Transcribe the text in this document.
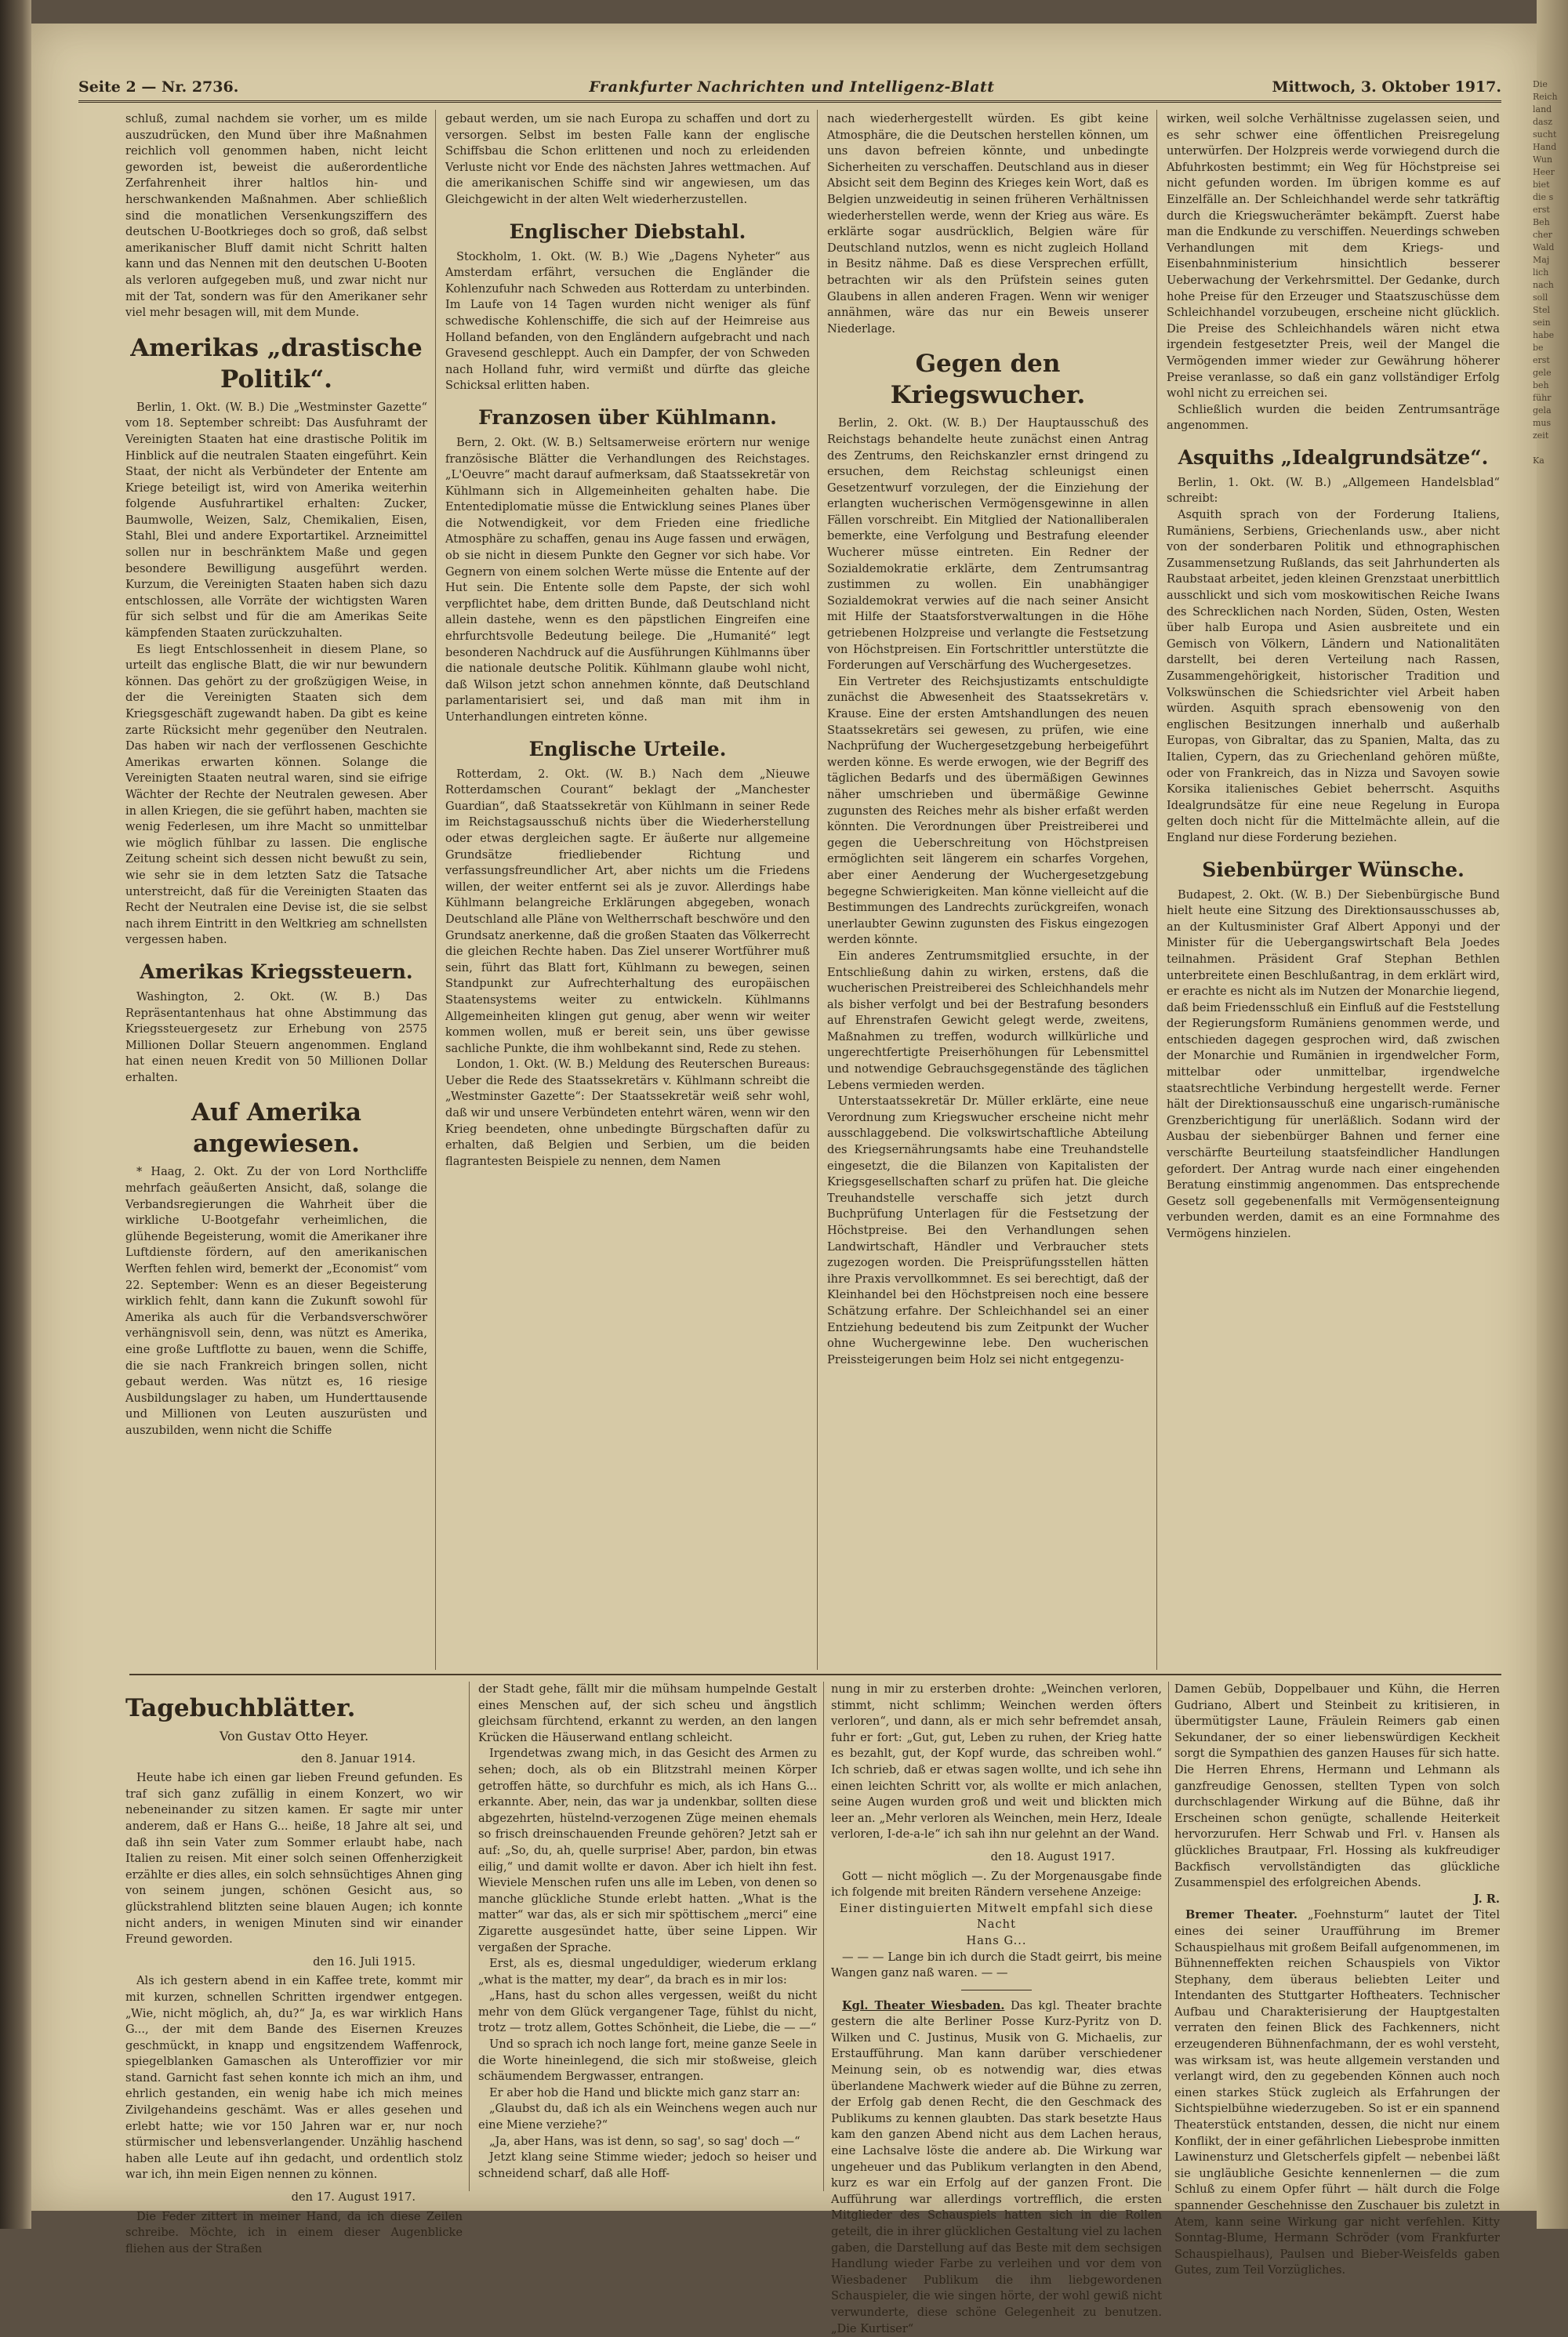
Die
Reich
land
dasz
sucht
Hand
Wun
Heer
biet
die s
erst
Beh
cher
Wald
Maj
lich
nach
soll
Stel
sein
habe
be
erst
gele
beh
führ
gela
mus
zeit

Ka
Seite 2 — Nr. 2736.	Frankfurter Nachrichten und Intelligenz-Blatt	Mittwoch, 3. Oktober 1917.

schluß, zumal nachdem sie vorher, um es milde auszudrücken, den Mund über ihre Maßnahmen reichlich voll genommen haben, nicht leicht geworden ist, beweist die außerordentliche Zerfahrenheit ihrer haltlos hin- und herschwankenden Maßnahmen. Aber schließlich sind die monatlichen Versenkungsziffern des deutschen U-Bootkrieges doch so groß, daß selbst amerikanischer Bluff damit nicht Schritt halten kann und das Nennen mit den deutschen U-Booten als verloren aufgegeben muß, und zwar nicht nur mit der Tat, sondern was für den Amerikaner sehr viel mehr besagen will, mit dem Munde.

Amerikas „drastische Politik“.

Berlin, 1. Okt. (W. B.) Die „Westminster Gazette“ vom 18. September schreibt: Das Ausfuhramt der Vereinigten Staaten hat eine drastische Politik im Hinblick auf die neutralen Staaten eingeführt. Kein Staat, der nicht als Verbündeter der Entente am Kriege beteiligt ist, wird von Amerika weiterhin folgende Ausfuhrartikel erhalten: Zucker, Baumwolle, Weizen, Salz, Chemikalien, Eisen, Stahl, Blei und andere Exportartikel. Arzneimittel sollen nur in beschränktem Maße und gegen besondere Bewilligung ausgeführt werden. Kurzum, die Vereinigten Staaten haben sich dazu entschlossen, alle Vorräte der wichtigsten Waren für sich selbst und für die am Amerikas Seite kämpfenden Staaten zurückzuhalten.

Es liegt Entschlossenheit in diesem Plane, so urteilt das englische Blatt, die wir nur bewundern können. Das gehört zu der großzügigen Weise, in der die Vereinigten Staaten sich dem Kriegsgeschäft zugewandt haben. Da gibt es keine zarte Rücksicht mehr gegenüber den Neutralen. Das haben wir nach der verflossenen Geschichte Amerikas erwarten können. Solange die Vereinigten Staaten neutral waren, sind sie eifrige Wächter der Rechte der Neutralen gewesen. Aber in allen Kriegen, die sie geführt haben, machten sie wenig Federlesen, um ihre Macht so unmittelbar wie möglich fühlbar zu lassen. Die englische Zeitung scheint sich dessen nicht bewußt zu sein, wie sehr sie in dem letzten Satz die Tatsache unterstreicht, daß für die Vereinigten Staaten das Recht der Neutralen eine Devise ist, die sie selbst nach ihrem Eintritt in den Weltkrieg am schnellsten vergessen haben.

Amerikas Kriegssteuern.

Washington, 2. Okt. (W. B.) Das Repräsentantenhaus hat ohne Abstimmung das Kriegssteuergesetz zur Erhebung von 2575 Millionen Dollar Steuern angenommen. England hat einen neuen Kredit von 50 Millionen Dollar erhalten.

Auf Amerika angewiesen.

* Haag, 2. Okt. Zu der von Lord Northcliffe mehrfach geäußerten Ansicht, daß, solange die Verbandsregierungen die Wahrheit über die wirkliche U-Bootgefahr verheimlichen, die glühende Begeisterung, womit die Amerikaner ihre Luftdienste fördern, auf den amerikanischen Werften fehlen wird, bemerkt der „Economist“ vom 22. September: Wenn es an dieser Begeisterung wirklich fehlt, dann kann die Zukunft sowohl für Amerika als auch für die Verbandsverschwörer verhängnisvoll sein, denn, was nützt es Amerika, eine große Luftflotte zu bauen, wenn die Schiffe, die sie nach Frankreich bringen sollen, nicht gebaut werden. Was nützt es, 16 riesige Ausbildungslager zu haben, um Hunderttausende und Millionen von Leuten auszurüsten und auszubilden, wenn nicht die Schiffe

gebaut werden, um sie nach Europa zu schaffen und dort zu versorgen. Selbst im besten Falle kann der englische Schiffsbau die Schon erlittenen und noch zu erleidenden Verluste nicht vor Ende des nächsten Jahres wettmachen. Auf die amerikanischen Schiffe sind wir angewiesen, um das Gleichgewicht in der alten Welt wiederherzustellen.

Englischer Diebstahl.

Stockholm, 1. Okt. (W. B.) Wie „Dagens Nyheter“ aus Amsterdam erfährt, versuchen die Engländer die Kohlenzufuhr nach Schweden aus Rotterdam zu unterbinden. Im Laufe von 14 Tagen wurden nicht weniger als fünf schwedische Kohlenschiffe, die sich auf der Heimreise aus Holland befanden, von den Engländern aufgebracht und nach Gravesend geschleppt. Auch ein Dampfer, der von Schweden nach Holland fuhr, wird vermißt und dürfte das gleiche Schicksal erlitten haben.

Franzosen über Kühlmann.

Bern, 2. Okt. (W. B.) Seltsamerweise erörtern nur wenige französische Blätter die Verhandlungen des Reichstages. „L'Oeuvre“ macht darauf aufmerksam, daß Staatssekretär von Kühlmann sich in Allgemeinheiten gehalten habe. Die Ententediplomatie müsse die Entwicklung seines Planes über die Notwendigkeit, vor dem Frieden eine friedliche Atmosphäre zu schaffen, genau ins Auge fassen und erwägen, ob sie nicht in diesem Punkte den Gegner vor sich habe. Vor Gegnern von einem solchen Werte müsse die Entente auf der Hut sein. Die Entente solle dem Papste, der sich wohl verpflichtet habe, dem dritten Bunde, daß Deutschland nicht allein dastehe, wenn es den päpstlichen Eingreifen eine ehrfurchtsvolle Bedeutung beilege. Die „Humanité“ legt besonderen Nachdruck auf die Ausführungen Kühlmanns über die nationale deutsche Politik. Kühlmann glaube wohl nicht, daß Wilson jetzt schon annehmen könnte, daß Deutschland parlamentarisiert sei, und daß man mit ihm in Unterhandlungen eintreten könne.

Englische Urteile.

Rotterdam, 2. Okt. (W. B.) Nach dem „Nieuwe Rotterdamschen Courant“ beklagt der „Manchester Guardian“, daß Staatssekretär von Kühlmann in seiner Rede im Reichstagsausschuß nichts über die Wiederherstellung oder etwas dergleichen sagte. Er äußerte nur allgemeine Grundsätze friedliebender Richtung und verfassungsfreundlicher Art, aber nichts um die Friedens willen, der weiter entfernt sei als je zuvor. Allerdings habe Kühlmann belangreiche Erklärungen abgegeben, wonach Deutschland alle Pläne von Weltherrschaft beschwöre und den Grundsatz anerkenne, daß die großen Staaten das Völkerrecht die gleichen Rechte haben. Das Ziel unserer Wortführer muß sein, führt das Blatt fort, Kühlmann zu bewegen, seinen Standpunkt zur Aufrechterhaltung des europäischen Staatensystems weiter zu entwickeln. Kühlmanns Allgemeinheiten klingen gut genug, aber wenn wir weiter kommen wollen, muß er bereit sein, uns über gewisse sachliche Punkte, die ihm wohlbekannt sind, Rede zu stehen.

London, 1. Okt. (W. B.) Meldung des Reuterschen Bureaus: Ueber die Rede des Staatssekretärs v. Kühlmann schreibt die „Westminster Gazette“: Der Staatssekretär weiß sehr wohl, daß wir und unsere Verbündeten entehrt wären, wenn wir den Krieg beendeten, ohne unbedingte Bürgschaften dafür zu erhalten, daß Belgien und Serbien, um die beiden flagrantesten Beispiele zu nennen, dem Namen

nach wiederhergestellt würden. Es gibt keine Atmosphäre, die die Deutschen herstellen können, um uns davon befreien könnte, und unbedingte Sicherheiten zu verschaffen. Deutschland aus in dieser Absicht seit dem Beginn des Krieges kein Wort, daß es Belgien unzweideutig in seinen früheren Verhältnissen wiederherstellen werde, wenn der Krieg aus wäre. Es erklärte sogar ausdrücklich, Belgien wäre für Deutschland nutzlos, wenn es nicht zugleich Holland in Besitz nähme. Daß es diese Versprechen erfüllt, betrachten wir als den Prüfstein seines guten Glaubens in allen anderen Fragen. Wenn wir weniger annähmen, wäre das nur ein Beweis unserer Niederlage.

Gegen den Kriegswucher.

Berlin, 2. Okt. (W. B.) Der Hauptausschuß des Reichstags behandelte heute zunächst einen Antrag des Zentrums, den Reichskanzler ernst dringend zu ersuchen, dem Reichstag schleunigst einen Gesetzentwurf vorzulegen, der die Einziehung der erlangten wucherischen Vermögensgewinne in allen Fällen vorschreibt. Ein Mitglied der Nationalliberalen bemerkte, eine Verfolgung und Bestrafung eleender Wucherer müsse eintreten. Ein Redner der Sozialdemokratie erklärte, dem Zentrumsantrag zustimmen zu wollen. Ein unabhängiger Sozialdemokrat verwies auf die nach seiner Ansicht mit Hilfe der Staatsforstverwaltungen in die Höhe getriebenen Holzpreise und verlangte die Festsetzung von Höchstpreisen. Ein Fortschrittler unterstützte die Forderungen auf Verschärfung des Wuchergesetzes.

Ein Vertreter des Reichsjustizamts entschuldigte zunächst die Abwesenheit des Staatssekretärs v. Krause. Eine der ersten Amtshandlungen des neuen Staatssekretärs sei gewesen, zu prüfen, wie eine Nachprüfung der Wuchergesetzgebung herbeigeführt werden könne. Es werde erwogen, wie der Begriff des täglichen Bedarfs und des übermäßigen Gewinnes näher umschrieben und übermäßige Gewinne zugunsten des Reiches mehr als bisher erfaßt werden könnten. Die Verordnungen über Preistreiberei und gegen die Ueberschreitung von Höchstpreisen ermöglichten seit längerem ein scharfes Vorgehen, aber einer Aenderung der Wuchergesetzgebung begegne Schwierigkeiten. Man könne vielleicht auf die Bestimmungen des Landrechts zurückgreifen, wonach unerlaubter Gewinn zugunsten des Fiskus eingezogen werden könnte.

Ein anderes Zentrumsmitglied ersuchte, in der Entschließung dahin zu wirken, erstens, daß die wucherischen Preistreiberei des Schleichhandels mehr als bisher verfolgt und bei der Bestrafung besonders auf Ehrenstrafen Gewicht gelegt werde, zweitens, Maßnahmen zu treffen, wodurch willkürliche und ungerechtfertigte Preiserhöhungen für Lebensmittel und notwendige Gebrauchsgegenstände des täglichen Lebens vermieden werden.

Unterstaatssekretär Dr. Müller erklärte, eine neue Verordnung zum Kriegswucher erscheine nicht mehr ausschlaggebend. Die volkswirtschaftliche Abteilung des Kriegsernährungsamts habe eine Treuhandstelle eingesetzt, die die Bilanzen von Kapitalisten der Kriegsgesellschaften scharf zu prüfen hat. Die gleiche Treuhandstelle verschaffe sich jetzt durch Buchprüfung Unterlagen für die Festsetzung der Höchstpreise. Bei den Verhandlungen sehen Landwirtschaft, Händler und Verbraucher stets zugezogen worden. Die Preisprüfungsstellen hätten ihre Praxis vervollkommnet. Es sei berechtigt, daß der Kleinhandel bei den Höchstpreisen noch eine bessere Schätzung erfahre. Der Schleichhandel sei an einer Entziehung bedeutend bis zum Zeitpunkt der Wucher ohne Wuchergewinne lebe. Den wucherischen Preissteigerungen beim Holz sei nicht entgegenzu-

wirken, weil solche Verhältnisse zugelassen seien, und es sehr schwer eine öffentlichen Preisregelung unterwürfen. Der Holzpreis werde vorwiegend durch die Abfuhrkosten bestimmt; ein Weg für Höchstpreise sei nicht gefunden worden. Im übrigen komme es auf Einzelfälle an. Der Schleichhandel werde sehr tatkräftig durch die Kriegswucherämter bekämpft. Zuerst habe man die Endkunde zu verschiffen. Neuerdings schweben Verhandlungen mit dem Kriegs- und Eisenbahnministerium hinsichtlich besserer Ueberwachung der Verkehrsmittel. Der Gedanke, durch hohe Preise für den Erzeuger und Staatszuschüsse dem Schleichhandel vorzubeugen, erscheine nicht glücklich. Die Preise des Schleichhandels wären nicht etwa irgendein festgesetzter Preis, weil der Mangel die Vermögenden immer wieder zur Gewährung höherer Preise veranlasse, so daß ein ganz vollständiger Erfolg wohl nicht zu erreichen sei.

Schließlich wurden die beiden Zentrumsanträge angenommen.

Asquiths „Idealgrundsätze“.

Berlin, 1. Okt. (W. B.) „Allgemeen Handelsblad“ schreibt:

Asquith sprach von der Forderung Italiens, Rumäniens, Serbiens, Griechenlands usw., aber nicht von der sonderbaren Politik und ethnographischen Zusammensetzung Rußlands, das seit Jahrhunderten als Raubstaat arbeitet, jeden kleinen Grenzstaat unerbittlich ausschlickt und sich vom moskowitischen Reiche Iwans des Schrecklichen nach Norden, Süden, Osten, Westen über halb Europa und Asien ausbreitete und ein Gemisch von Völkern, Ländern und Nationalitäten darstellt, bei deren Verteilung nach Rassen, Zusammengehörigkeit, historischer Tradition und Volkswünschen die Schiedsrichter viel Arbeit haben würden. Asquith sprach ebensowenig von den englischen Besitzungen innerhalb und außerhalb Europas, von Gibraltar, das zu Spanien, Malta, das zu Italien, Cypern, das zu Griechenland gehören müßte, oder von Frankreich, das in Nizza und Savoyen sowie Korsika italienisches Gebiet beherrscht. Asquiths Idealgrundsätze für eine neue Regelung in Europa gelten doch nicht für die Mittelmächte allein, auf die England nur diese Forderung beziehen.

Siebenbürger Wünsche.

Budapest, 2. Okt. (W. B.) Der Siebenbürgische Bund hielt heute eine Sitzung des Direktionsausschusses ab, an der Kultusminister Graf Albert Apponyi und der Minister für die Uebergangswirtschaft Bela Joedes teilnahmen. Präsident Graf Stephan Bethlen unterbreitete einen Beschlußantrag, in dem erklärt wird, er erachte es nicht als im Nutzen der Monarchie liegend, daß beim Friedensschluß ein Einfluß auf die Feststellung der Regierungsform Rumäniens genommen werde, und entschieden dagegen gesprochen wird, daß zwischen der Monarchie und Rumänien in irgendwelcher Form, mittelbar oder unmittelbar, irgendwelche staatsrechtliche Verbindung hergestellt werde. Ferner hält der Direktionsausschuß eine ungarisch-rumänische Grenzberichtigung für unerläßlich. Sodann wird der Ausbau der siebenbürger Bahnen und ferner eine verschärfte Beurteilung staatsfeindlicher Handlungen gefordert. Der Antrag wurde nach einer eingehenden Beratung einstimmig angenommen. Das entsprechende Gesetz soll gegebenenfalls mit Vermögensenteignung verbunden werden, damit es an eine Formnahme des Vermögens hinzielen.

Tagebuchblätter.
Von Gustav Otto Heyer.
den 8. Januar 1914.

Heute habe ich einen gar lieben Freund gefunden. Es traf sich ganz zufällig in einem Konzert, wo wir nebeneinander zu sitzen kamen. Er sagte mir unter anderem, daß er Hans G... heiße, 18 Jahre alt sei, und daß ihn sein Vater zum Sommer erlaubt habe, nach Italien zu reisen. Mit einer solch seinen Offenherzigkeit erzählte er dies alles, ein solch sehnsüchtiges Ahnen ging von seinem jungen, schönen Gesicht aus, so glückstrahlend blitzten seine blauen Augen; ich konnte nicht anders, in wenigen Minuten sind wir einander Freund geworden.

den 16. Juli 1915.

Als ich gestern abend in ein Kaffee trete, kommt mir mit kurzen, schnellen Schritten irgendwer entgegen. „Wie, nicht möglich, ah, du?“ Ja, es war wirklich Hans G..., der mit dem Bande des Eisernen Kreuzes geschmückt, in knapp und engsitzendem Waffenrock, spiegelblanken Gamaschen als Unteroffizier vor mir stand. Garnicht fast sehen konnte ich mich an ihm, und ehrlich gestanden, ein wenig habe ich mich meines Zivilgehandeins geschämt. Was er alles gesehen und erlebt hatte; wie vor 150 Jahren war er, nur noch stürmischer und lebensverlangender. Unzählig haschend haben alle Leute auf ihn gedacht, und ordentlich stolz war ich, ihn mein Eigen nennen zu können.

den 17. August 1917.

Die Feder zittert in meiner Hand, da ich diese Zeilen schreibe. Möchte, ich in einem dieser Augenblicke fliehen aus der Straßen

der Stadt gehe, fällt mir die mühsam humpelnde Gestalt eines Menschen auf, der sich scheu und ängstlich gleichsam fürchtend, erkannt zu werden, an den langen Krücken die Häuserwand entlang schleicht.

Irgendetwas zwang mich, in das Gesicht des Armen zu sehen; doch, als ob ein Blitzstrahl meinen Körper getroffen hätte, so durchfuhr es mich, als ich Hans G... erkannte. Aber, nein, das war ja undenkbar, sollten diese abgezehrten, hüstelnd-verzogenen Züge meinen ehemals so frisch dreinschauenden Freunde gehören? Jetzt sah er auf: „So, du, ah, quelle surprise! Aber, pardon, bin etwas eilig,“ und damit wollte er davon. Aber ich hielt ihn fest. Wieviele Menschen rufen uns alle im Leben, von denen so manche glückliche Stunde erlebt hatten. „What is the matter“ war das, als er sich mir spöttischem „merci“ eine Zigarette ausgesündet hatte, über seine Lippen. Wir vergaßen der Sprache.

Erst, als es, diesmal ungeduldiger, wiederum erklang „what is the matter, my dear“, da brach es in mir los:

„Hans, hast du schon alles vergessen, weißt du nicht mehr von dem Glück vergangener Tage, fühlst du nicht, trotz — trotz allem, Gottes Schönheit, die Liebe, die — —“

Und so sprach ich noch lange fort, meine ganze Seele in die Worte hineinlegend, die sich mir stoßweise, gleich schäumendem Bergwasser, entrangen.

Er aber hob die Hand und blickte mich ganz starr an:

„Glaubst du, daß ich als ein Weinchens wegen auch nur eine Miene verziehe?“

„Ja, aber Hans, was ist denn, so sag', so sag' doch —“

Jetzt klang seine Stimme wieder; jedoch so heiser und schneidend scharf, daß alle Hoff-

nung in mir zu ersterben drohte: „Weinchen verloren, stimmt, nicht schlimm; Weinchen werden öfters verloren“, und dann, als er mich sehr befremdet ansah, fuhr er fort: „Gut, gut, Leben zu ruhen, der Krieg hatte es bezahlt, gut, der Kopf wurde, das schreiben wohl.“ Ich schrieb, daß er etwas sagen wollte, und ich sehe ihn einen leichten Schritt vor, als wollte er mich anlachen, seine Augen wurden groß und weit und blickten mich leer an. „Mehr verloren als Weinchen, mein Herz, Ideale verloren, I-de-a-le“ ich sah ihn nur gelehnt an der Wand.

den 18. August 1917.

Gott — nicht möglich —. Zu der Morgenausgabe finde ich folgende mit breiten Rändern versehene Anzeige:

Einer distinguierten Mitwelt empfahl sich diese Nacht
Hans G...

— — — Lange bin ich durch die Stadt geirrt, bis meine Wangen ganz naß waren. — —

Kgl. Theater Wiesbaden. Das kgl. Theater brachte gestern die alte Berliner Posse Kurz-Pyritz von D. Wilken und C. Justinus, Musik von G. Michaelis, zur Erstaufführung. Man kann darüber verschiedener Meinung sein, ob es notwendig war, dies etwas überlandene Machwerk wieder auf die Bühne zu zerren, der Erfolg gab denen Recht, die den Geschmack des Publikums zu kennen glaubten. Das stark besetzte Haus kam den ganzen Abend nicht aus dem Lachen heraus, eine Lachsalve löste die andere ab. Die Wirkung war ungeheuer und das Publikum verlangten in den Abend, kurz es war ein Erfolg auf der ganzen Front. Die Aufführung war allerdings vortrefflich, die ersten Mitglieder des Schauspiels hatten sich in die Rollen geteilt, die in ihrer glücklichen Gestaltung viel zu lachen gaben, die Darstellung auf das Beste mit dem sechsigen Handlung wieder Farbe zu verleihen und vor dem von Wiesbadener Publikum die ihm liebgewordenen Schauspieler, die wie singen hörte, der wohl gewiß nicht verwunderte, diese schöne Gelegenheit zu benutzen. „Die Kurtiser“

Damen Gebüb, Doppelbauer und Kühn, die Herren Gudriano, Albert und Steinbeit zu kritisieren, in übermütigster Laune, Fräulein Reimers gab einen Sekundaner, der so einer liebenswürdigen Keckheit sorgt die Sympathien des ganzen Hauses für sich hatte. Die Herren Ehrens, Hermann und Lehmann als ganzfreudige Genossen, stellten Typen von solch durchschlagender Wirkung auf die Bühne, daß ihr Erscheinen schon genügte, schallende Heiterkeit hervorzurufen. Herr Schwab und Frl. v. Hansen als glückliches Brautpaar, Frl. Hossing als kukfreudiger Backfisch vervollständigten das glückliche Zusammenspiel des erfolgreichen Abends.

J. R.

Bremer Theater. „Foehnsturm“ lautet der Titel eines dei seiner Uraufführung im Bremer Schauspielhaus mit großem Beifall aufgenommenen, im Bühnenneffekten reichen Schauspiels von Viktor Stephany, dem überaus beliebten Leiter und Intendanten des Stuttgarter Hoftheaters. Technischer Aufbau und Charakterisierung der Hauptgestalten verraten den feinen Blick des Fachkenners, nicht erzeugenderen Bühnenfachmann, der es wohl versteht, was wirksam ist, was heute allgemein verstanden und verlangt wird, den zu gegebenden Können auch noch einen starkes Stück zugleich als Erfahrungen der Sichtspielbühne wiederzugeben. So ist er ein spannend Theaterstück entstanden, dessen, die nicht nur einem Konflikt, der in einer gefährlichen Liebesprobe inmitten Lawinensturz und Gletscherfels gipfelt — nebenbei läßt sie ungläubliche Gesichte kennenlernen — die zum Schluß zu einem Opfer führt — hält durch die Folge spannender Geschehnisse den Zuschauer bis zuletzt in Atem, kann seine Wirkung gar nicht verfehlen. Kitty Sonntag-Blume, Hermann Schröder (vom Frankfurter Schauspielhaus), Paulsen und Bieber-Weisfelds gaben Gutes, zum Teil Vorzügliches.
